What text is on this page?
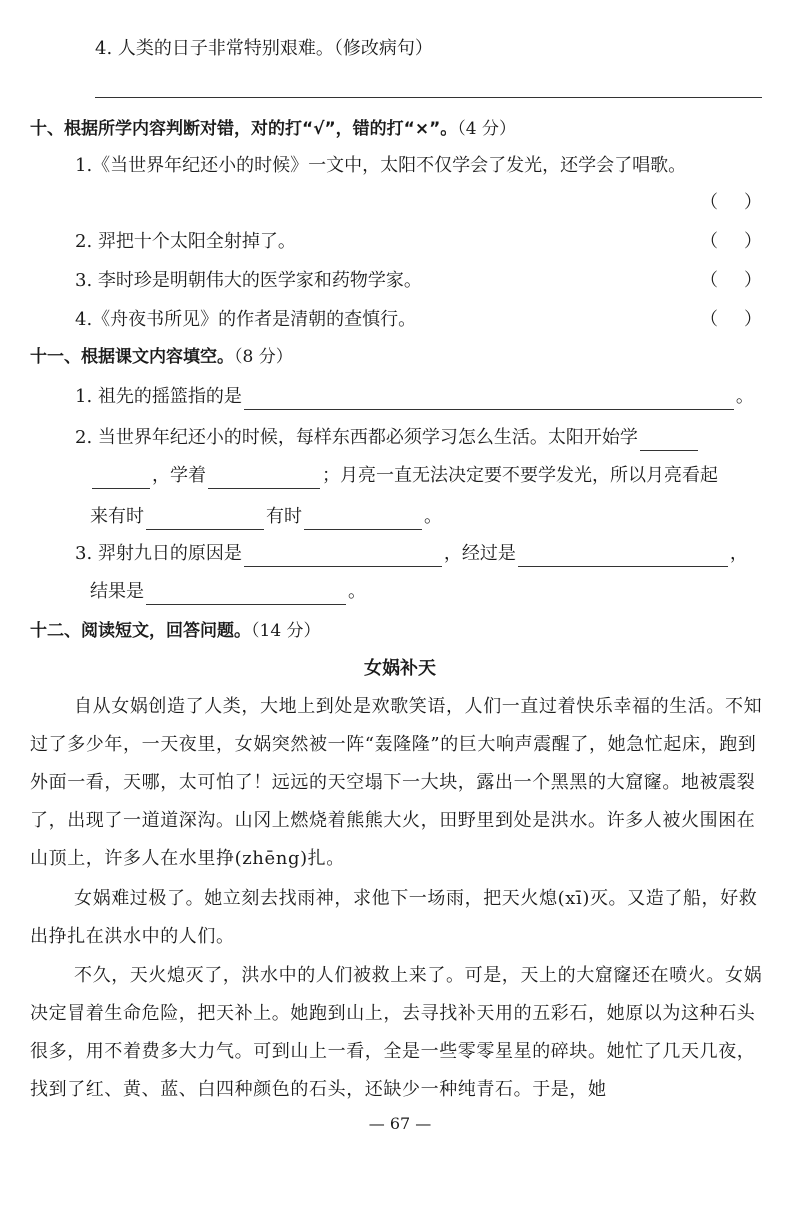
4. 人类的日子非常特别艰难。（修改病句）
十、根据所学内容判断对错，对的打“√”，错的打“×”。（4 分）
1.《当世界年纪还小的时候》一文中，太阳不仅学会了发光，还学会了唱歌。
（ ）
2. 羿把十个太阳全射掉了。	（ ）
3. 李时珍是明朝伟大的医学家和药物学家。	（ ）
4.《舟夜书所见》的作者是清朝的查慎行。	（ ）
十一、根据课文内容填空。（8 分）
1. 祖先的摇篮指的是	。
2. 当世界年纪还小的时候，每样东西都必须学习怎么生活。太阳开始学
，学着	；月亮一直无法决定要不要学发光，所以月亮看起
来有时	有时	。
3. 羿射九日的原因是	，经过是	，
结果是	。
十二、阅读短文，回答问题。（14 分）
女娲补天
自从女娲创造了人类，大地上到处是欢歌笑语，人们一直过着快乐幸福的生活。不知过了多少年，一天夜里，女娲突然被一阵“轰隆隆”的巨大响声震醒了，她急忙起床，跑到外面一看，天哪，太可怕了！远远的天空塌下一大块，露出一个黑黑的大窟窿。地被震裂了，出现了一道道深沟。山冈上燃烧着熊熊大火，田野里到处是洪水。许多人被火围困在山顶上，许多人在水里挣(zhēng)扎。
女娲难过极了。她立刻去找雨神，求他下一场雨，把天火熄(xī)灭。又造了船，好救出挣扎在洪水中的人们。
不久，天火熄灭了，洪水中的人们被救上来了。可是，天上的大窟窿还在喷火。女娲决定冒着生命危险，把天补上。她跑到山上，去寻找补天用的五彩石，她原以为这种石头很多，用不着费多大力气。可到山上一看，全是一些零零星星的碎块。她忙了几天几夜，找到了红、黄、蓝、白四种颜色的石头，还缺少一种纯青石。于是，她
— 67 —
